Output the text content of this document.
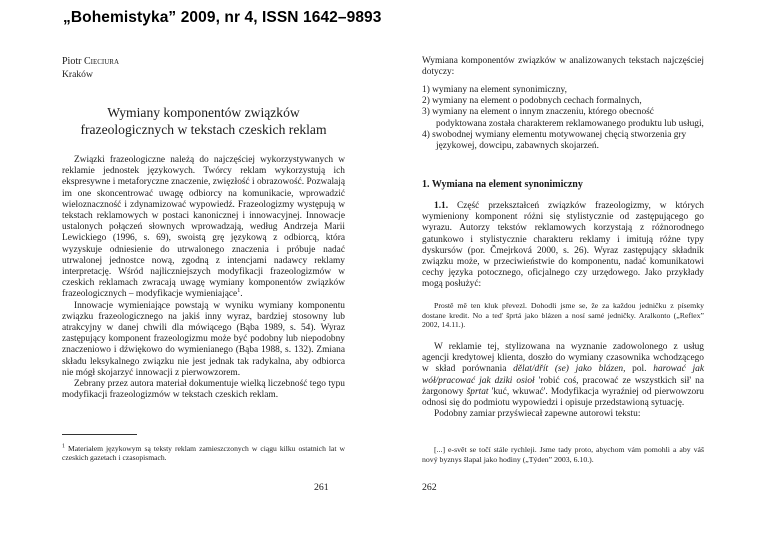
„Bohemistyka” 2009, nr 4, ISSN 1642–9893
Piotr Cieciura
Kraków
Wymiany komponentów związków
frazeologicznych w tekstach czeskich reklam

Związki frazeologiczne należą do najczęściej wykorzystywanych w reklamie jednostek językowych. Twórcy reklam wykorzystują ich ekspresywne i metaforyczne znaczenie, zwięzłość i obrazowość. Pozwalają im one skoncentrować uwagę odbiorcy na komunikacie, wprowadzić wieloznaczność i zdynamizować wypowiedź. Frazeologizmy występują w tekstach reklamowych w postaci kanonicznej i innowacyjnej. Innowacje ustalonych połączeń słownych wprowadzają, według Andrzeja Marii Lewickiego (1996, s. 69), swoistą grę językową z odbiorcą, która wyzyskuje odniesienie do utrwalonego znaczenia i próbuje nadać utrwalonej jednostce nową, zgodną z intencjami nadawcy reklamy interpretację. Wśród najliczniejszych modyfikacji frazeologizmów w czeskich reklamach zwracają uwagę wymiany komponentów związków frazeologicznych – modyfikacje wymieniające$^1$.

Innowacje wymieniające powstają w wyniku wymiany komponentu związku frazeologicznego na jakiś inny wyraz, bardziej stosowny lub atrakcyjny w danej chwili dla mówiącego (Bąba 1989, s. 54). Wyraz zastępujący komponent frazeologizmu może być podobny lub niepodobny znaczeniowo i dźwiękowo do wymienianego (Bąba 1988, s. 132). Zmiana składu leksykalnego związku nie jest jednak tak radykalna, aby odbiorca nie mógł skojarzyć innowacji z pierwowzorem.

Zebrany przez autora materiał dokumentuje wielką liczebność tego typu modyfikacji frazeologizmów w tekstach czeskich reklam.

$^1$ Materiałem językowym są teksty reklam zamieszczonych w ciągu kilku ostatnich lat w czeskich gazetach i czasopismach.
261

Wymiana komponentów związków w analizowanych tekstach najczęściej dotyczy:

1) wymiany na element synonimiczny,
2) wymiany na element o podobnych cechach formalnych,
3) wymiany na element o innym znaczeniu, którego obecność podyktowana została charakterem reklamowanego produktu lub usługi,
4) swobodnej wymiany elementu motywowanej chęcią stworzenia gry językowej, dowcipu, zabawnych skojarzeń.
1. Wymiana na element synonimiczny

1.1. Część przekształceń związków frazeologizmy, w których wymieniony komponent różni się stylistycznie od zastępującego go wyrazu. Autorzy tekstów reklamowych korzystają z różnorodnego gatunkowo i stylistycznie charakteru reklamy i imitują różne typy dyskursów (por. Čmejrková 2000, s. 26). Wyraz zastępujący składnik związku może, w przeciwieństwie do komponentu, nadać komunikatowi cechy języka potocznego, oficjalnego czy urzędowego. Jako przykłady mogą posłużyć:

Prostě mě ten kluk převezl. Dohodli jsme se, že za každou jedničku z písemky dostane kredit. No a teď šprtá jako blázen a nosí samé jedničky. Aralkonto („Reflex” 2002, 14.11.).

W reklamie tej, stylizowana na wyznanie zadowolonego z usług agencji kredytowej klienta, doszło do wymiany czasownika wchodzącego w skład porównania dělat/dřít (se) jako blázen, pol. harować jak wół/pracować jak dziki osioł 'robić coś, pracować ze wszystkich sił' na żargonowy šprtat 'kuć, wkuwać'. Modyfikacja wyraźniej od pierwowzoru odnosi się do podmiotu wypowiedzi i opisuje przedstawioną sytuację.

Podobny zamiar przyświecał zapewne autorowi tekstu:

[...] e-svět se točí stále rychleji. Jsme tady proto, abychom vám pomohli a aby váš nový byznys šlapal jako hodiny („Týden” 2003, 6.10.).

262
